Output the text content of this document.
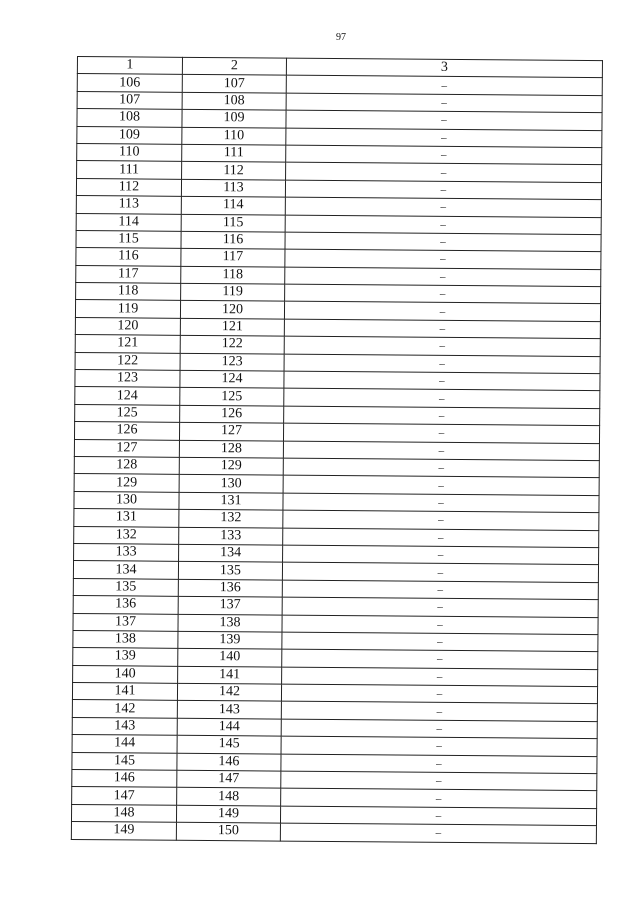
97
1	2	3
106	107	–
107	108	–
108	109	–
109	110	–
110	111	–
111	112	–
112	113	–
113	114	–
114	115	–
115	116	–
116	117	–
117	118	–
118	119	–
119	120	–
120	121	–
121	122	–
122	123	–
123	124	–
124	125	–
125	126	–
126	127	–
127	128	–
128	129	–
129	130	–
130	131	–
131	132	–
132	133	–
133	134	–
134	135	–
135	136	–
136	137	–
137	138	–
138	139	–
139	140	–
140	141	–
141	142	–
142	143	–
143	144	–
144	145	–
145	146	–
146	147	–
147	148	–
148	149	–
149	150	–
